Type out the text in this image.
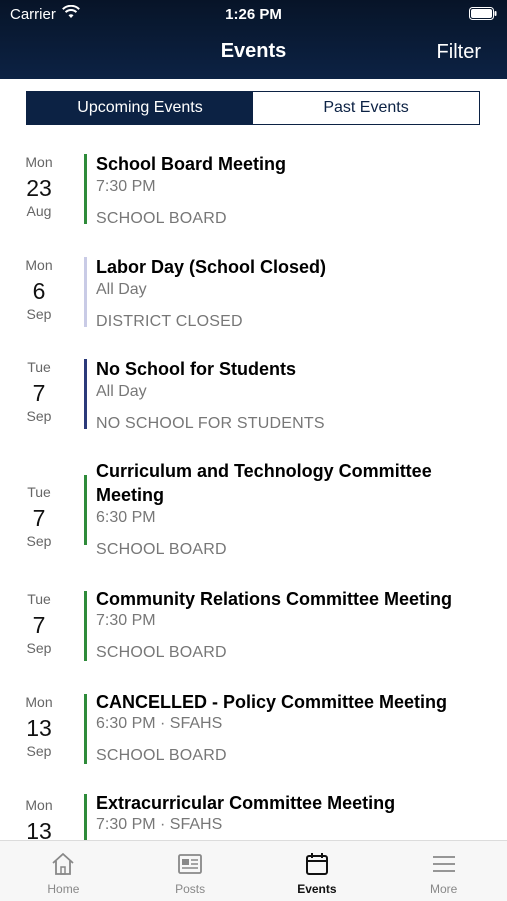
Carrier	1:26 PM
Events	Filter
Upcoming Events	Past Events
Mon
23
Aug
School Board Meeting
7:30 PM
SCHOOL BOARD
Mon
6
Sep
Labor Day (School Closed)
All Day
DISTRICT CLOSED
Tue
7
Sep
No School for Students
All Day
NO SCHOOL FOR STUDENTS
Tue
7
Sep
Curriculum and Technology Committee Meeting
6:30 PM
SCHOOL BOARD
Tue
7
Sep
Community Relations Committee Meeting
7:30 PM
SCHOOL BOARD
Mon
13
Sep
CANCELLED - Policy Committee Meeting
6:30 PM · SFAHS
SCHOOL BOARD
Mon
13
Extracurricular Committee Meeting
7:30 PM · SFAHS
Home	Posts	Events	More
